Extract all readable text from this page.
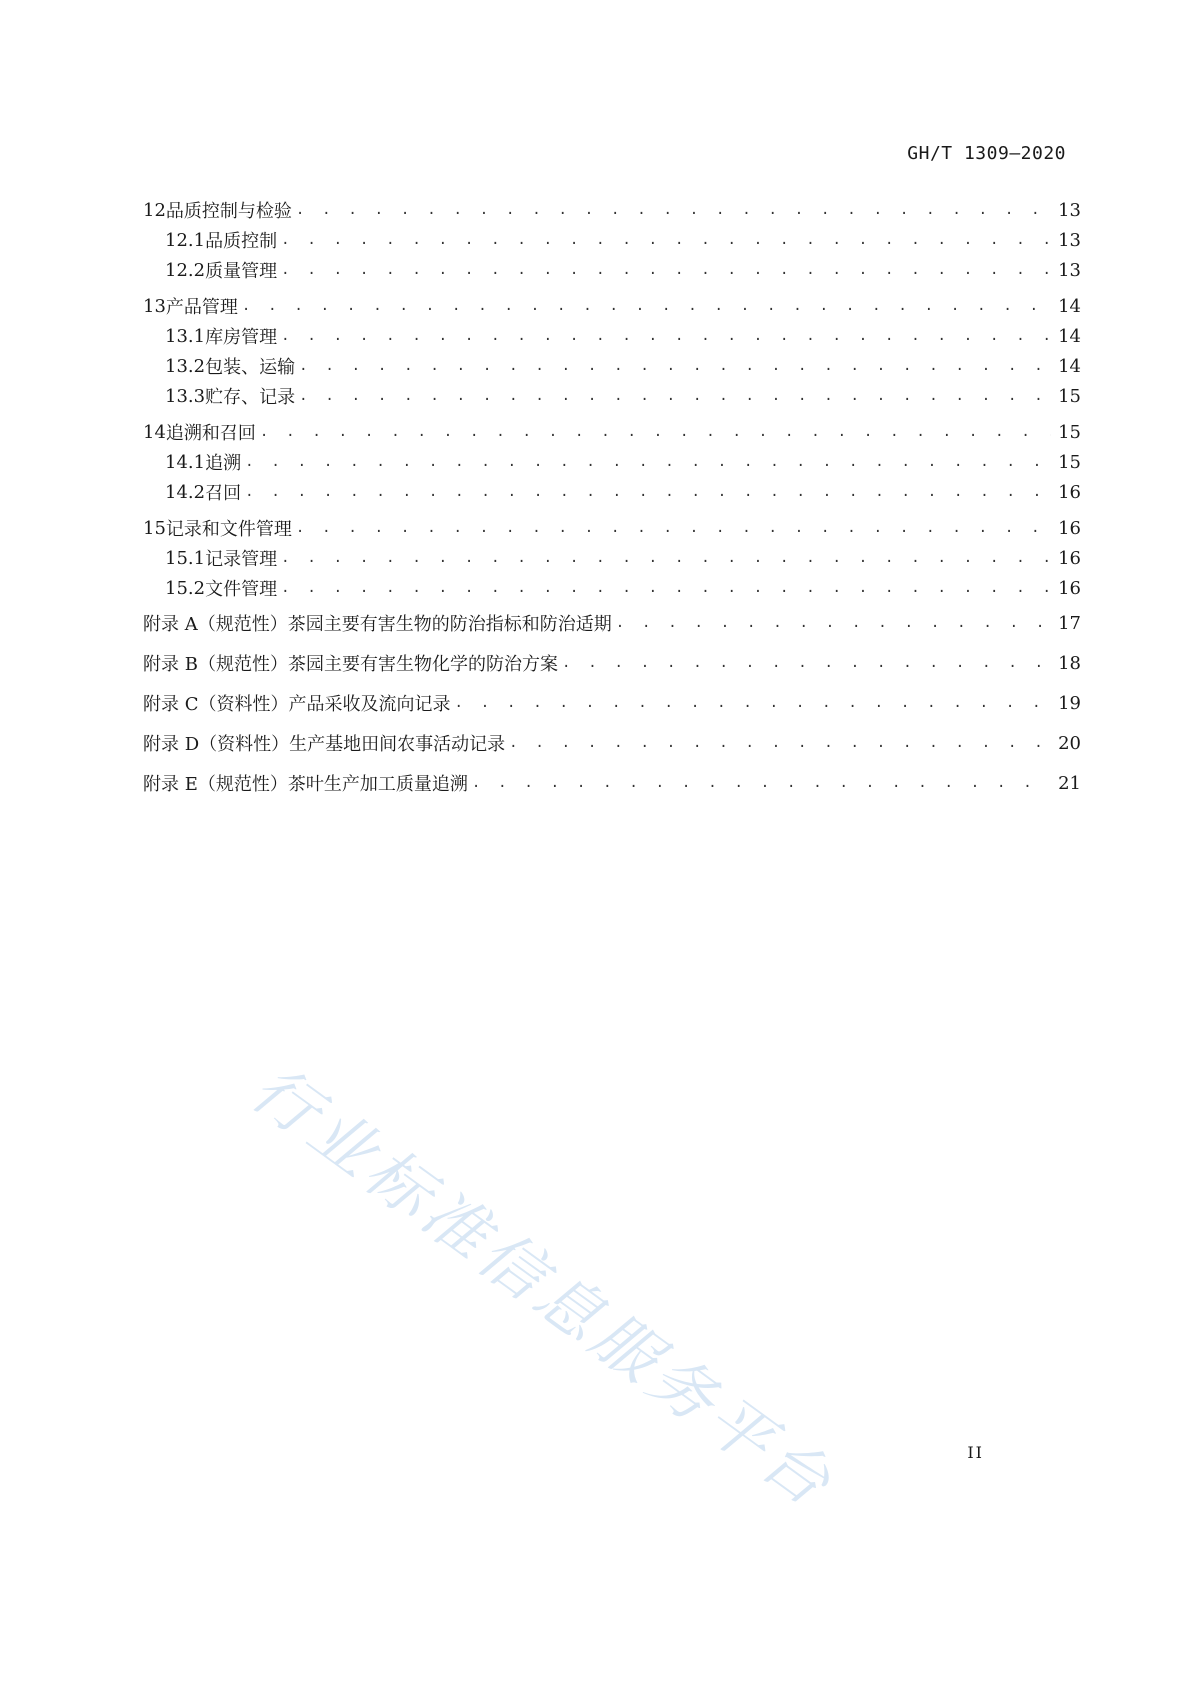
GH/T 1309—2020
12 品质控制与检验 . . .	13
12.1 品质控制 . . .	13
12.2 质量管理 . . .	13
13 产品管理 . . .	14
13.1 库房管理 . . .	14
13.2 包装、运输 . . .	14
13.3 贮存、记录 . . .	15
14 追溯和召回 . . .	15
14.1 追溯 . . .	15
14.2 召回 . . .	16
15 记录和文件管理 . . .	16
15.1 记录管理 . . .	16
15.2 文件管理 . . .	16
附录 A（规范性） 茶园主要有害生物的防治指标和防治适期 . . .	17
附录 B（规范性） 茶园主要有害生物化学的防治方案 . . .	18
附录 C（资料性） 产品采收及流向记录 . . .	19
附录 D（资料性） 生产基地田间农事活动记录 . . .	20
附录 E（规范性） 茶叶生产加工质量追溯 . . .	21
行业标准信息服务平台	II
